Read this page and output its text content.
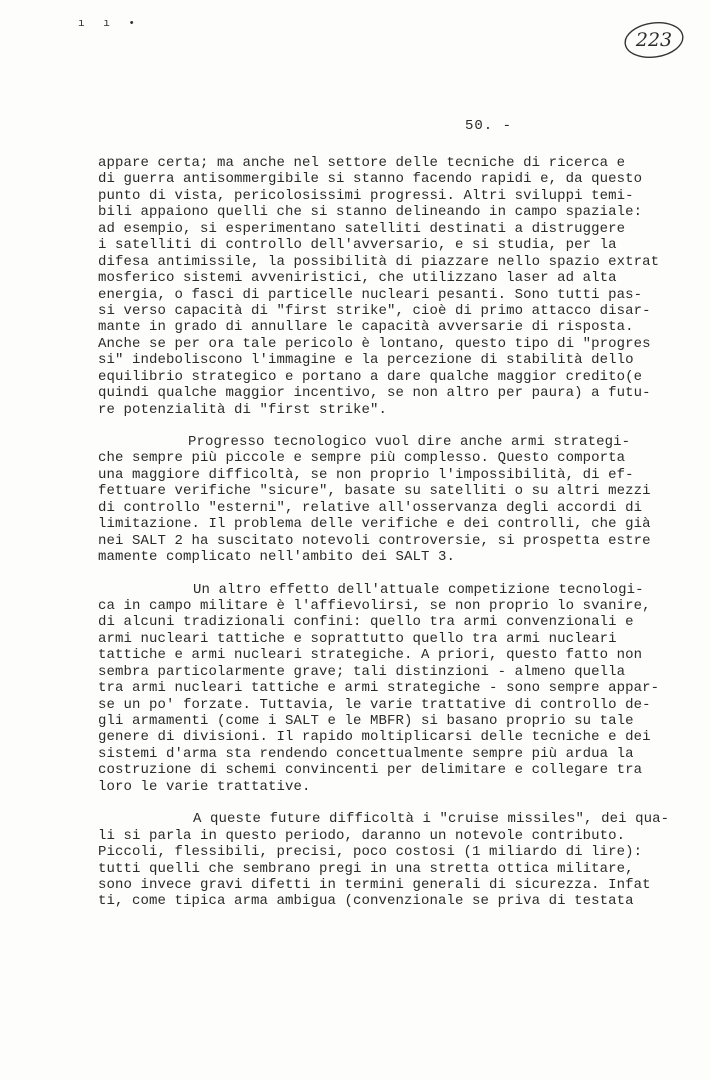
ı ı •
223
50. -
appare certa; ma anche nel settore delle tecniche di ricerca e
di guerra antisommergibile si stanno facendo rapidi e, da questo
punto di vista, pericolosissimi progressi. Altri sviluppi temi-
bili appaiono quelli che si stanno delineando in campo spaziale:
ad esempio, si esperimentano satelliti destinati a distruggere
i satelliti di controllo dell'avversario, e si studia, per la
difesa antimissile, la possibilità di piazzare nello spazio extrat
mosferico sistemi avveniristici, che utilizzano laser ad alta
energia, o fasci di particelle nucleari pesanti. Sono tutti pas-
si verso capacità di "first strike", cioè di primo attacco disar-
mante in grado di annullare le capacità avversarie di risposta.
Anche se per ora tale pericolo è lontano, questo tipo di "progres
si" indeboliscono l'immagine e la percezione di stabilità dello
equilibrio strategico e portano a dare qualche maggior credito(e
quindi qualche maggior incentivo, se non altro per paura) a futu-
re potenzialità di "first strike".
Progresso tecnologico vuol dire anche armi strategi-
che sempre più piccole e sempre più complesso. Questo comporta
una maggiore difficoltà, se non proprio l'impossibilità, di ef-
fettuare verifiche "sicure", basate su satelliti o su altri mezzi
di controllo "esterni", relative all'osservanza degli accordi di
limitazione. Il problema delle verifiche e dei controlli, che già
nei SALT 2 ha suscitato notevoli controversie, si prospetta estre
mamente complicato nell'ambito dei SALT 3.
Un altro effetto dell'attuale competizione tecnologi-
ca in campo militare è l'affievolirsi, se non proprio lo svanire,
di alcuni tradizionali confini: quello tra armi convenzionali e
armi nucleari tattiche e soprattutto quello tra armi nucleari
tattiche e armi nucleari strategiche. A priori, questo fatto non
sembra particolarmente grave; tali distinzioni - almeno quella
tra armi nucleari tattiche e armi strategiche - sono sempre appar-
se un po' forzate. Tuttavia, le varie trattative di controllo de-
gli armamenti (come i SALT e le MBFR) si basano proprio su tale
genere di divisioni. Il rapido moltiplicarsi delle tecniche e dei
sistemi d'arma sta rendendo concettualmente sempre più ardua la
costruzione di schemi convincenti per delimitare e collegare tra
loro le varie trattative.
A queste future difficoltà i "cruise missiles", dei qua-
li si parla in questo periodo, daranno un notevole contributo.
Piccoli, flessibili, precisi, poco costosi (1 miliardo di lire):
tutti quelli che sembrano pregi in una stretta ottica militare,
sono invece gravi difetti in termini generali di sicurezza. Infat
ti, come tipica arma ambigua (convenzionale se priva di testata
